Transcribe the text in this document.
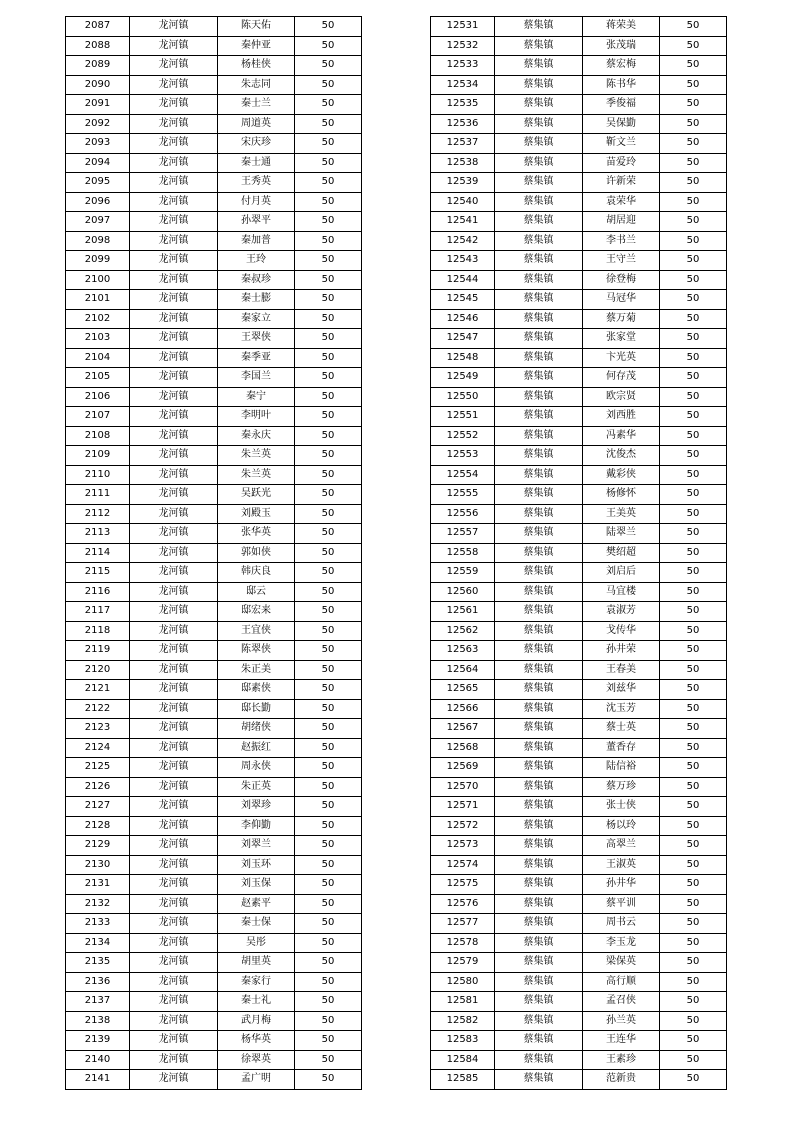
2087	龙河镇	陈天佑	50
2088	龙河镇	秦仲亚	50
2089	龙河镇	杨桂侠	50
2090	龙河镇	朱志同	50
2091	龙河镇	秦士兰	50
2092	龙河镇	周道英	50
2093	龙河镇	宋庆珍	50
2094	龙河镇	秦士通	50
2095	龙河镇	王秀英	50
2096	龙河镇	付月英	50
2097	龙河镇	孙翠平	50
2098	龙河镇	秦加普	50
2099	龙河镇	王玲	50
2100	龙河镇	秦叔珍	50
2101	龙河镇	秦士膨	50
2102	龙河镇	秦家立	50
2103	龙河镇	王翠侠	50
2104	龙河镇	秦季亚	50
2105	龙河镇	李国兰	50
2106	龙河镇	秦宁	50
2107	龙河镇	李明叶	50
2108	龙河镇	秦永庆	50
2109	龙河镇	朱兰英	50
2110	龙河镇	朱兰英	50
2111	龙河镇	吴跃光	50
2112	龙河镇	刘殿玉	50
2113	龙河镇	张华英	50
2114	龙河镇	郭如侠	50
2115	龙河镇	韩庆良	50
2116	龙河镇	邸云	50
2117	龙河镇	邸宏来	50
2118	龙河镇	王宜侠	50
2119	龙河镇	陈翠侠	50
2120	龙河镇	朱正美	50
2121	龙河镇	邸素侠	50
2122	龙河镇	邸长勤	50
2123	龙河镇	胡绪侠	50
2124	龙河镇	赵振红	50
2125	龙河镇	周永侠	50
2126	龙河镇	朱正英	50
2127	龙河镇	刘翠珍	50
2128	龙河镇	李仰勤	50
2129	龙河镇	刘翠兰	50
2130	龙河镇	刘玉环	50
2131	龙河镇	刘玉保	50
2132	龙河镇	赵素平	50
2133	龙河镇	秦士保	50
2134	龙河镇	吴彤	50
2135	龙河镇	胡里英	50
2136	龙河镇	秦家行	50
2137	龙河镇	秦士礼	50
2138	龙河镇	武月梅	50
2139	龙河镇	杨华英	50
2140	龙河镇	徐翠英	50
2141	龙河镇	孟广明	50
12531	蔡集镇	蒋荣美	50
12532	蔡集镇	张茂瑞	50
12533	蔡集镇	蔡宏梅	50
12534	蔡集镇	陈书华	50
12535	蔡集镇	季俊福	50
12536	蔡集镇	吴保勤	50
12537	蔡集镇	靳文兰	50
12538	蔡集镇	苗爱玲	50
12539	蔡集镇	许新荣	50
12540	蔡集镇	袁荣华	50
12541	蔡集镇	胡居迎	50
12542	蔡集镇	李书兰	50
12543	蔡集镇	王守兰	50
12544	蔡集镇	徐登梅	50
12545	蔡集镇	马冠华	50
12546	蔡集镇	蔡万菊	50
12547	蔡集镇	张家堂	50
12548	蔡集镇	卞光英	50
12549	蔡集镇	何存茂	50
12550	蔡集镇	欧宗贤	50
12551	蔡集镇	刘西胜	50
12552	蔡集镇	冯素华	50
12553	蔡集镇	沈俊杰	50
12554	蔡集镇	戴彩侠	50
12555	蔡集镇	杨修怀	50
12556	蔡集镇	王美英	50
12557	蔡集镇	陆翠兰	50
12558	蔡集镇	樊绍超	50
12559	蔡集镇	刘启后	50
12560	蔡集镇	马宜楼	50
12561	蔡集镇	袁淑芳	50
12562	蔡集镇	戈传华	50
12563	蔡集镇	孙井荣	50
12564	蔡集镇	王春美	50
12565	蔡集镇	刘兹华	50
12566	蔡集镇	沈玉芳	50
12567	蔡集镇	蔡士英	50
12568	蔡集镇	董香存	50
12569	蔡集镇	陆信裕	50
12570	蔡集镇	蔡万珍	50
12571	蔡集镇	张士侠	50
12572	蔡集镇	杨以玲	50
12573	蔡集镇	高翠兰	50
12574	蔡集镇	王淑英	50
12575	蔡集镇	孙井华	50
12576	蔡集镇	蔡平训	50
12577	蔡集镇	周书云	50
12578	蔡集镇	李玉龙	50
12579	蔡集镇	梁保英	50
12580	蔡集镇	高行顺	50
12581	蔡集镇	孟召侠	50
12582	蔡集镇	孙兰英	50
12583	蔡集镇	王连华	50
12584	蔡集镇	王素珍	50
12585	蔡集镇	范新贵	50
